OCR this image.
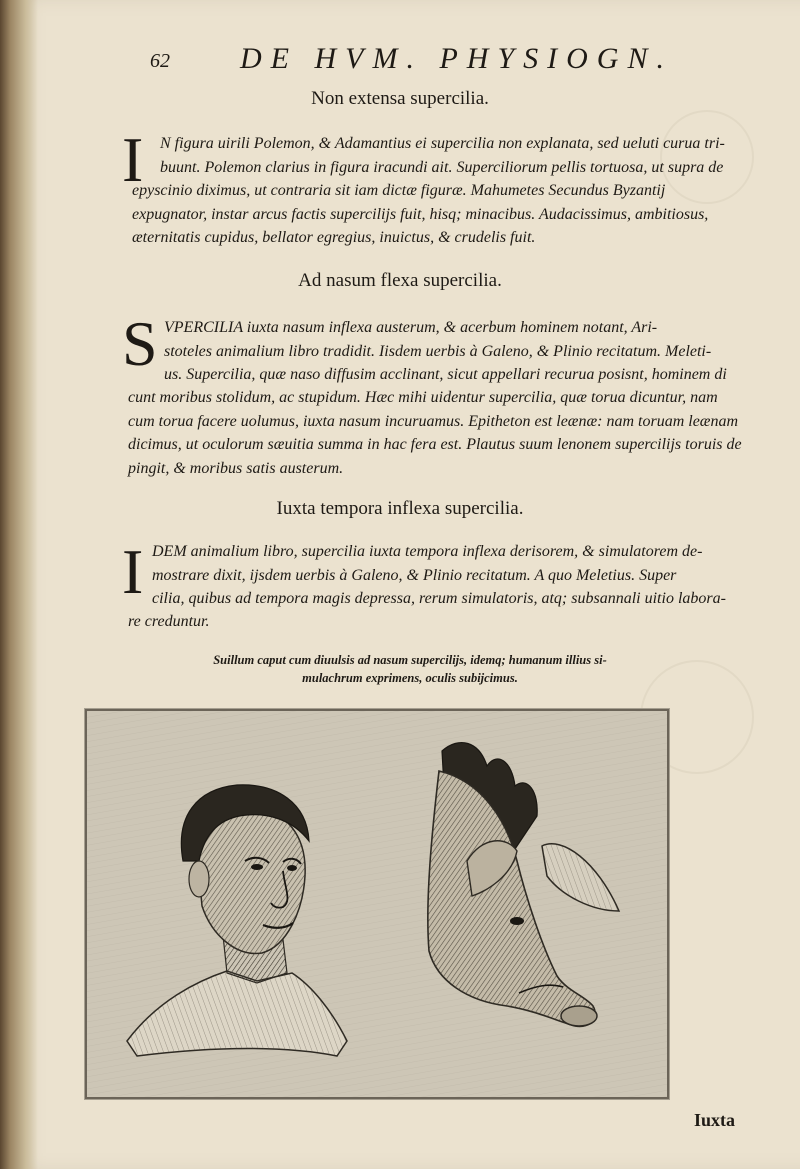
62 DE HVM. PHYSIOGN.
Non extensa supercilia.
I N figura uirili Polemon, & Adamantius ei supercilia non explanata, sed ueluti curua tri-

buunt. Polemon clarius in figura iracundi ait. Superciliorum pellis tortuosa, ut supra de

epyscinio diximus, ut contraria sit iam dictæ figuræ. Mahumetes Secundus Byzantij

expugnator, instar arcus factis supercilijs fuit, hisq; minacibus. Audacissimus, ambitiosus,

æternitatis cupidus, bellator egregius, inuictus, & crudelis fuit.

Ad nasum flexa supercilia.
S VPERCILIA iuxta nasum inflexa austerum, & acerbum hominem notant, Ari-

stoteles animalium libro tradidit. Iisdem uerbis à Galeno, & Plinio recitatum. Meleti-

us. Supercilia, quæ naso diffusim acclinant, sicut appellari recurua posisnt, hominem di

cunt moribus stolidum, ac stupidum. Hæc mihi uidentur supercilia, quæ torua dicuntur, nam

cum torua facere uolumus, iuxta nasum incuruamus. Epitheton est leænæ: nam toruam leænam

dicimus, ut oculorum sæuitia summa in hac fera est. Plautus suum lenonem supercilijs toruis de

pingit, & moribus satis austerum.

Iuxta tempora inflexa supercilia.
I DEM animalium libro, supercilia iuxta tempora inflexa derisorem, & simulatorem de-

mostrare dixit, ijsdem uerbis à Galeno, & Plinio recitatum. A quo Meletius. Super

cilia, quibus ad tempora magis depressa, rerum simulatoris, atq; subsannali uitio labora-

re creduntur.

Suillum caput cum diuulsis ad nasum supercilijs, idemq; humanum illius si-

mulachrum exprimens, oculis subijcimus.

Iuxta
